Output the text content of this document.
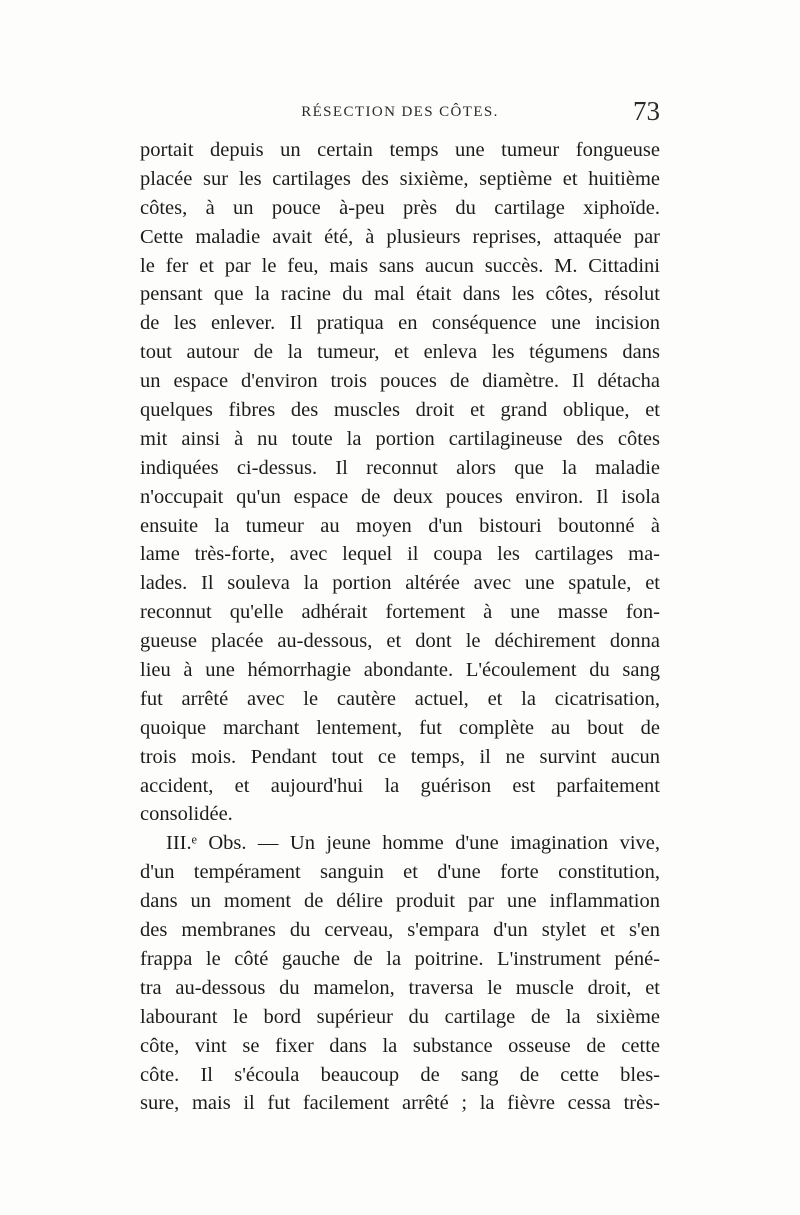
RÉSECTION DES CÔTES.	73
portait depuis un certain temps une tumeur fongueuse
placée sur les cartilages des sixième, septième et huitième
côtes, à un pouce à-peu près du cartilage xiphoïde.
Cette maladie avait été, à plusieurs reprises, attaquée par
le fer et par le feu, mais sans aucun succès. M. Cittadini
pensant que la racine du mal était dans les côtes, résolut
de les enlever. Il pratiqua en conséquence une incision
tout autour de la tumeur, et enleva les tégumens dans
un espace d'environ trois pouces de diamètre. Il détacha
quelques fibres des muscles droit et grand oblique, et
mit ainsi à nu toute la portion cartilagineuse des côtes
indiquées ci-dessus. Il reconnut alors que la maladie
n'occupait qu'un espace de deux pouces environ. Il isola
ensuite la tumeur au moyen d'un bistouri boutonné à
lame très-forte, avec lequel il coupa les cartilages ma-
lades. Il souleva la portion altérée avec une spatule, et
reconnut qu'elle adhérait fortement à une masse fon-
gueuse placée au-dessous, et dont le déchirement donna
lieu à une hémorrhagie abondante. L'écoulement du sang
fut arrêté avec le cautère actuel, et la cicatrisation,
quoique marchant lentement, fut complète au bout de
trois mois. Pendant tout ce temps, il ne survint aucun
accident, et aujourd'hui la guérison est parfaitement
consolidée.
III.ᵉ Obs. — Un jeune homme d'une imagination vive,
d'un tempérament sanguin et d'une forte constitution,
dans un moment de délire produit par une inflammation
des membranes du cerveau, s'empara d'un stylet et s'en
frappa le côté gauche de la poitrine. L'instrument péné-
tra au-dessous du mamelon, traversa le muscle droit, et
labourant le bord supérieur du cartilage de la sixième
côte, vint se fixer dans la substance osseuse de cette
côte. Il s'écoula beaucoup de sang de cette bles-
sure, mais il fut facilement arrêté ; la fièvre cessa très-
